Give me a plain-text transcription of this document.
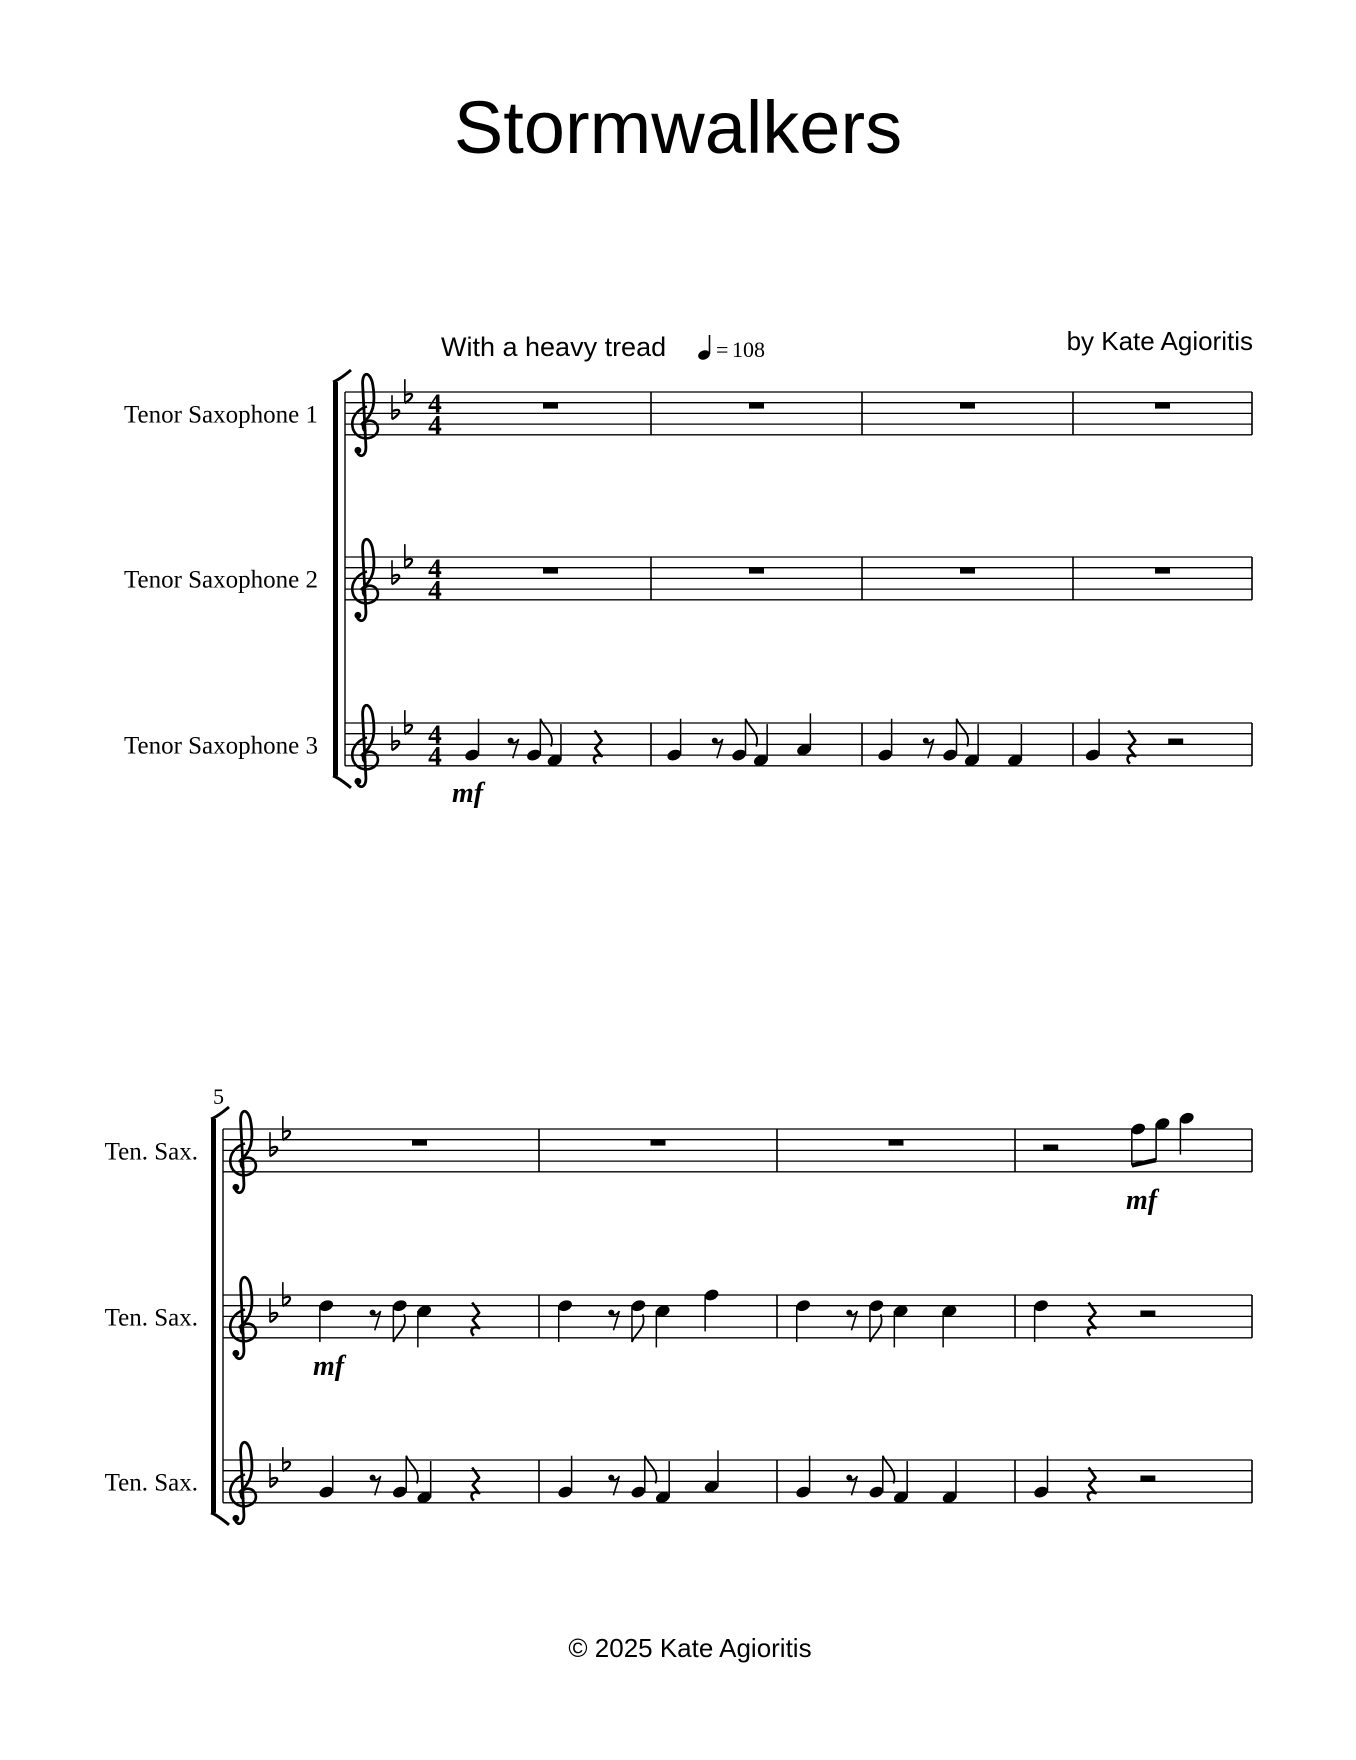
4
4
4
4
4
4
Tenor Saxophone 1
Tenor Saxophone 2
Tenor Saxophone 3
mf
Ten. Sax.
Ten. Sax.
Ten. Sax.
5
mf
mf
Stormwalkers
by Kate Agioritis
With a heavy tread = 108
© 2025 Kate Agioritis
